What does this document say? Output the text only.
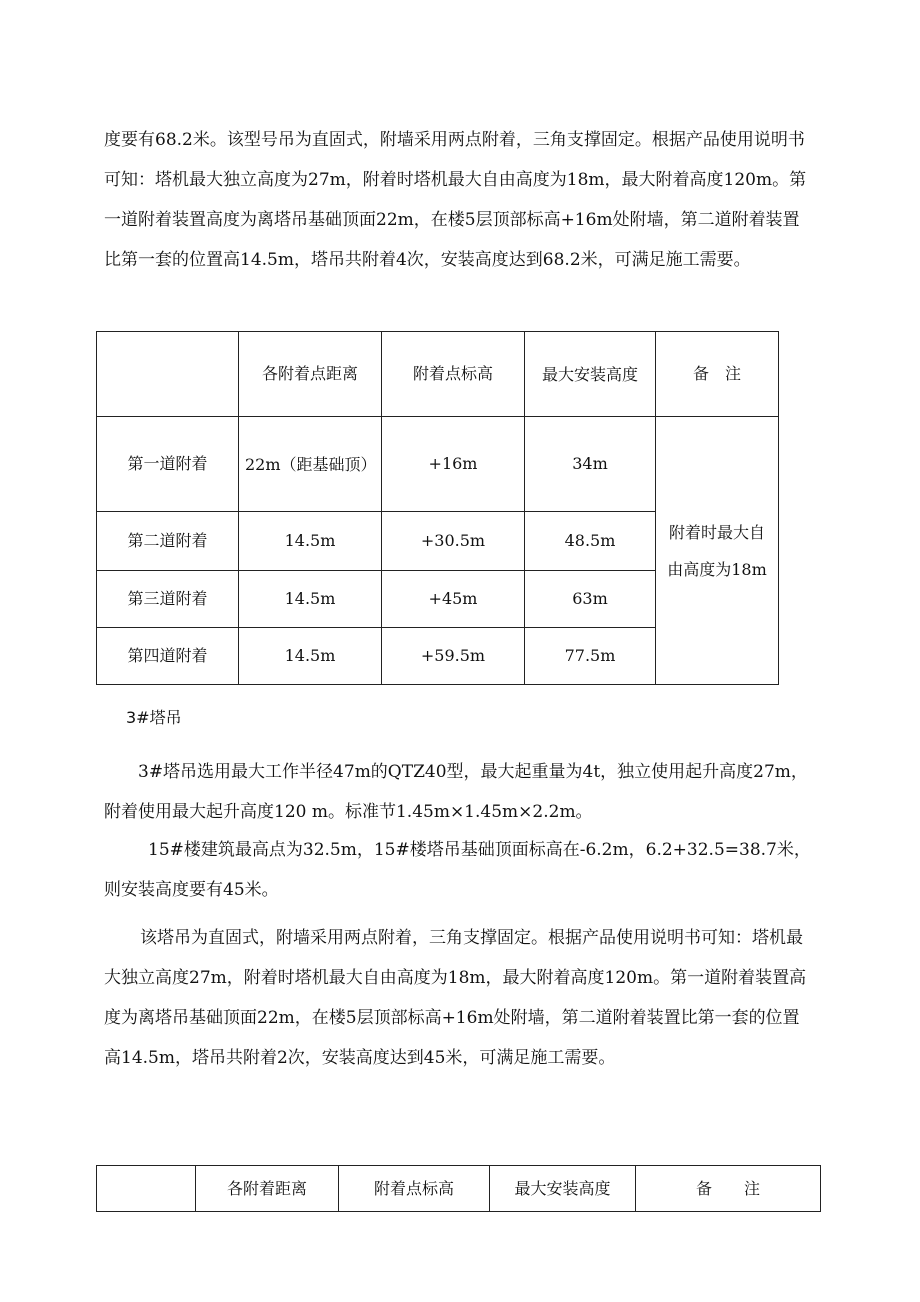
度要有68.2米。该型号吊为直固式，附墙采用两点附着，三角支撑固定。根据产品使用说明书可知：塔机最大独立高度为27m，附着时塔机最大自由高度为18m，最大附着高度120m。第一道附着装置高度为离塔吊基础顶面22m，在楼5层顶部标高+16m处附墙，第二道附着装置比第一套的位置高14.5m，塔吊共附着4次，安装高度达到68.2米，可满足施工需要。

	各附着点距离	附着点标高	最大安装高度	备　注
第一道附着	22m（距基础顶）	+16m	34m	附着时最大自由高度为18m
第二道附着	14.5m	+30.5m	48.5m	
第三道附着	14.5m	+45m	63m	
第四道附着	14.5m	+59.5m	77.5m	

3#塔吊

3#塔吊选用最大工作半径47m的QTZ40型，最大起重量为4t，独立使用起升高度27m，附着使用最大起升高度120 m。标准节1.45m×1.45m×2.2m。

15#楼建筑最高点为32.5m，15#楼塔吊基础顶面标高在-6.2m，6.2+32.5=38.7米，则安装高度要有45米。

该塔吊为直固式，附墙采用两点附着，三角支撑固定。根据产品使用说明书可知：塔机最大独立高度27m，附着时塔机最大自由高度为18m，最大附着高度120m。第一道附着装置高度为离塔吊基础顶面22m，在楼5层顶部标高+16m处附墙，第二道附着装置比第一套的位置高14.5m，塔吊共附着2次，安装高度达到45米，可满足施工需要。

	各附着距离	附着点标高	最大安装高度	备　　注
